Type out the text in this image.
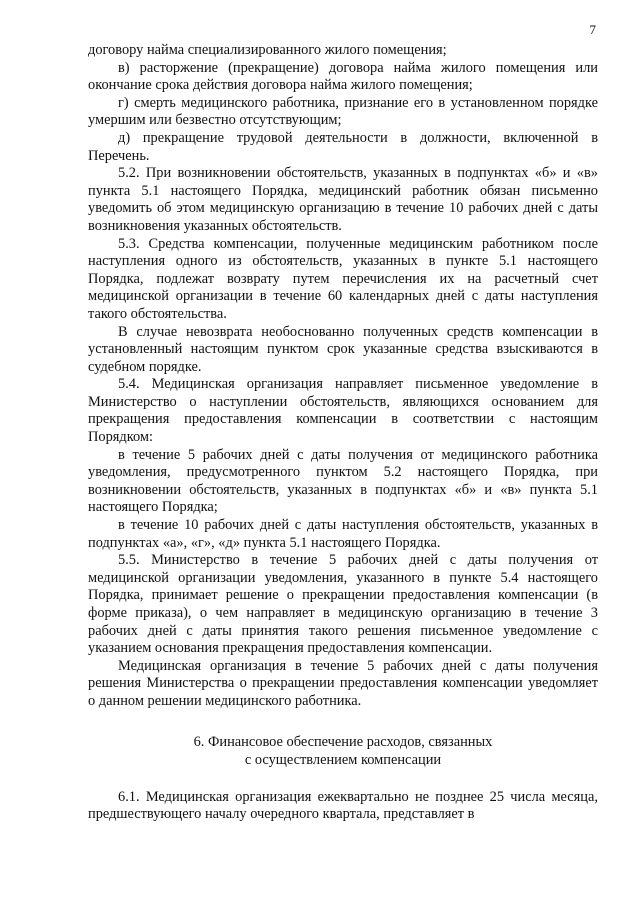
7

договору найма специализированного жилого помещения;

в) расторжение (прекращение) договора найма жилого помещения или окончание срока действия договора найма жилого помещения;

г) смерть медицинского работника, признание его в установленном порядке умершим или безвестно отсутствующим;

д) прекращение трудовой деятельности в должности, включенной в Перечень.

5.2. При возникновении обстоятельств, указанных в подпунктах «б» и «в» пункта 5.1 настоящего Порядка, медицинский работник обязан письменно уведомить об этом медицинскую организацию в течение 10 рабочих дней с даты возникновения указанных обстоятельств.

5.3. Средства компенсации, полученные медицинским работником после наступления одного из обстоятельств, указанных в пункте 5.1 настоящего Порядка, подлежат возврату путем перечисления их на расчетный счет медицинской организации в течение 60 календарных дней с даты наступления такого обстоятельства.

В случае невозврата необоснованно полученных средств компенсации в установленный настоящим пунктом срок указанные средства взыскиваются в судебном порядке.

5.4. Медицинская организация направляет письменное уведомление в Министерство о наступлении обстоятельств, являющихся основанием для прекращения предоставления компенсации в соответствии с настоящим Порядком:

в течение 5 рабочих дней с даты получения от медицинского работника уведомления, предусмотренного пунктом 5.2 настоящего Порядка, при возникновении обстоятельств, указанных в подпунктах «б» и «в» пункта 5.1 настоящего Порядка;

в течение 10 рабочих дней с даты наступления обстоятельств, указанных в подпунктах «а», «г», «д» пункта 5.1 настоящего Порядка.

5.5. Министерство в течение 5 рабочих дней с даты получения от медицинской организации уведомления, указанного в пункте 5.4 настоящего Порядка, принимает решение о прекращении предоставления компенсации (в форме приказа), о чем направляет в медицинскую организацию в течение 3 рабочих дней с даты принятия такого решения письменное уведомление с указанием основания прекращения предоставления компенсации.

Медицинская организация в течение 5 рабочих дней с даты получения решения Министерства о прекращении предоставления компенсации уведомляет о данном решении медицинского работника.

6. Финансовое обеспечение расходов, связанных
с осуществлением компенсации

6.1. Медицинская организация ежеквартально не позднее 25 числа месяца, предшествующего началу очередного квартала, представляет в
